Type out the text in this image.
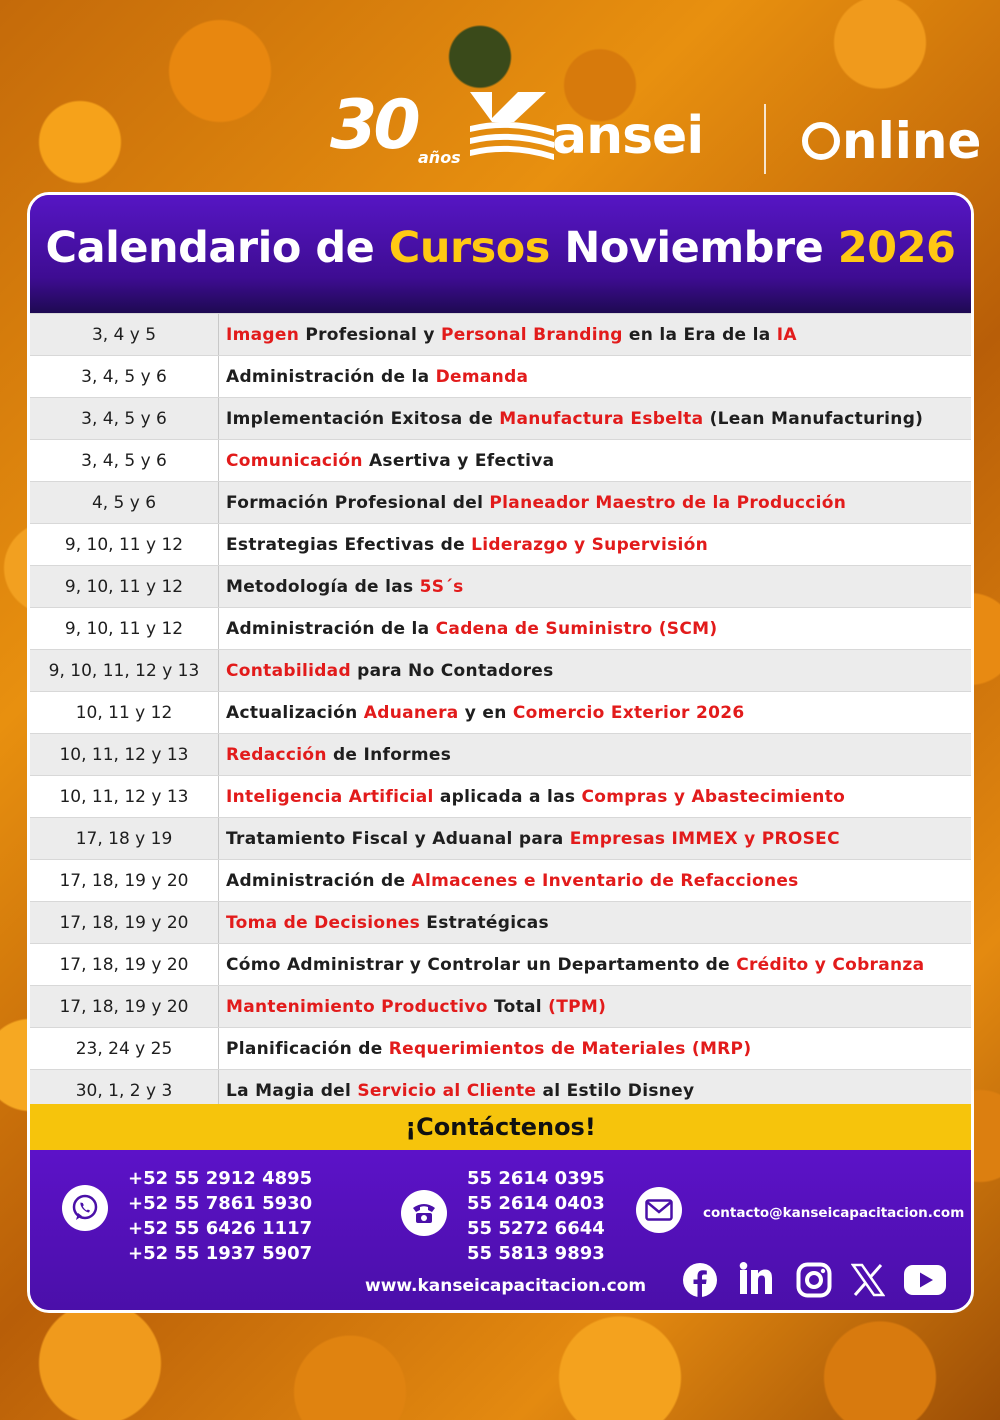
30 años ansei	nline
Calendario de Cursos Noviembre 2026
3, 4 y 5	Imagen Profesional y Personal Branding en la Era de la IA
3, 4, 5 y 6	Administración de la Demanda
3, 4, 5 y 6	Implementación Exitosa de Manufactura Esbelta (Lean Manufacturing)
3, 4, 5 y 6	Comunicación Asertiva y Efectiva
4, 5 y 6	Formación Profesional del Planeador Maestro de la Producción
9, 10, 11 y 12	Estrategias Efectivas de Liderazgo y Supervisión
9, 10, 11 y 12	Metodología de las 5S´s
9, 10, 11 y 12	Administración de la Cadena de Suministro (SCM)
9, 10, 11, 12 y 13	Contabilidad para No Contadores
10, 11 y 12	Actualización Aduanera y en Comercio Exterior 2026
10, 11, 12 y 13	Redacción de Informes
10, 11, 12 y 13	Inteligencia Artificial aplicada a las Compras y Abastecimiento
17, 18 y 19	Tratamiento Fiscal y Aduanal para Empresas IMMEX y PROSEC
17, 18, 19 y 20	Administración de Almacenes e Inventario de Refacciones
17, 18, 19 y 20	Toma de Decisiones Estratégicas
17, 18, 19 y 20	Cómo Administrar y Controlar un Departamento de Crédito y Cobranza
17, 18, 19 y 20	Mantenimiento Productivo Total (TPM)
23, 24 y 25	Planificación de Requerimientos de Materiales (MRP)
30, 1, 2 y 3	La Magia del Servicio al Cliente al Estilo Disney
¡Contáctenos!
+52 55 2912 4895
+52 55 7861 5930
+52 55 6426 1117
+52 55 1937 5907
55 2614 0395
55 2614 0403
55 5272 6644
55 5813 9893
contacto@kanseicapacitacion.com
www.kanseicapacitacion.com
